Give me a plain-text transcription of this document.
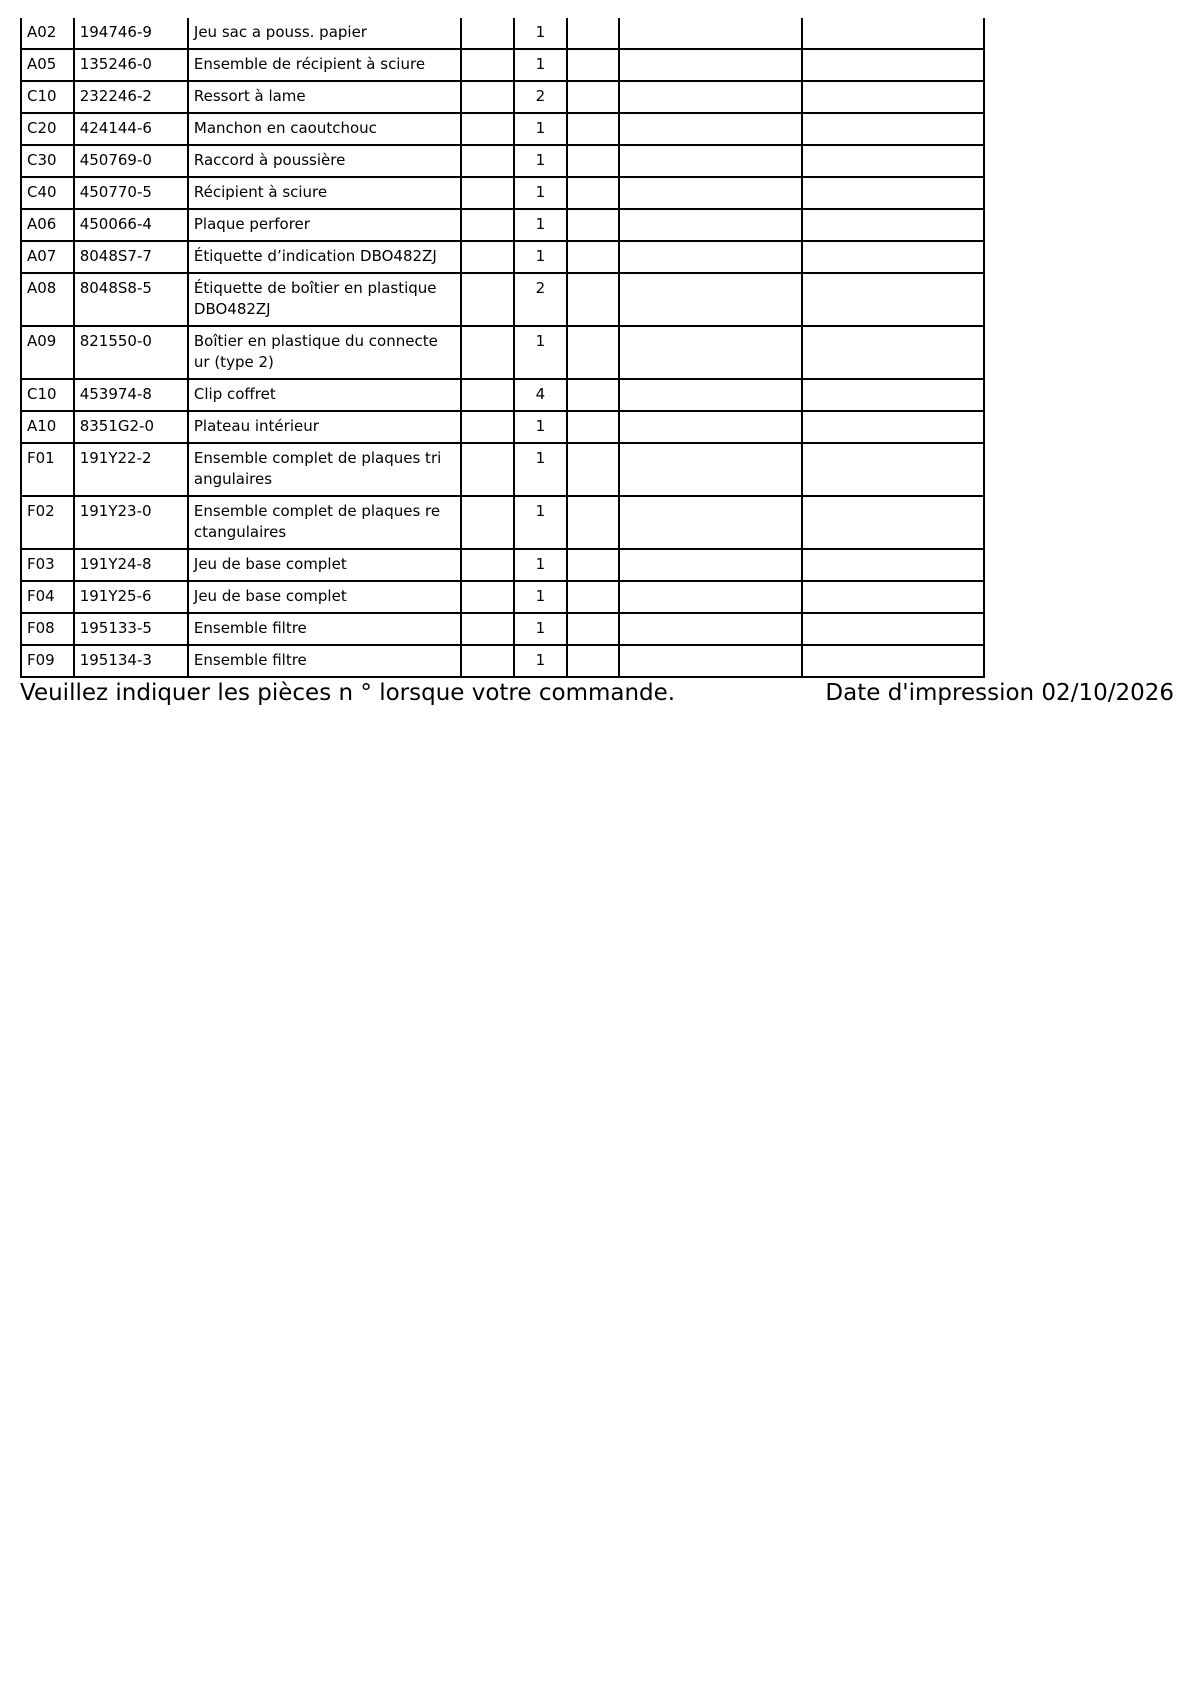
A02	194746-9	Jeu sac a pouss. papier		1			
A05	135246-0	Ensemble de récipient à sciure		1			
C10	232246-2	Ressort à lame		2			
C20	424144-6	Manchon en caoutchouc		1			
C30	450769-0	Raccord à poussière		1			
C40	450770-5	Récipient à sciure		1			
A06	450066-4	Plaque perforer		1			
A07	8048S7-7	Étiquette d’indication DBO482ZJ		1			
A08	8048S8-5	Étiquette de boîtier en plastique DBO482ZJ		2			
A09	821550-0	Boîtier en plastique du connecte ur (type 2)		1			
C10	453974-8	Clip coffret		4			
A10	8351G2-0	Plateau intérieur		1			
F01	191Y22-2	Ensemble complet de plaques tri angulaires		1			
F02	191Y23-0	Ensemble complet de plaques re ctangulaires		1			
F03	191Y24-8	Jeu de base complet		1			
F04	191Y25-6	Jeu de base complet		1			
F08	195133-5	Ensemble filtre		1			
F09	195134-3	Ensemble filtre		1			
Veuillez indiquer les pièces n ° lorsque votre commande.	Date d'impression 02/10/2026
